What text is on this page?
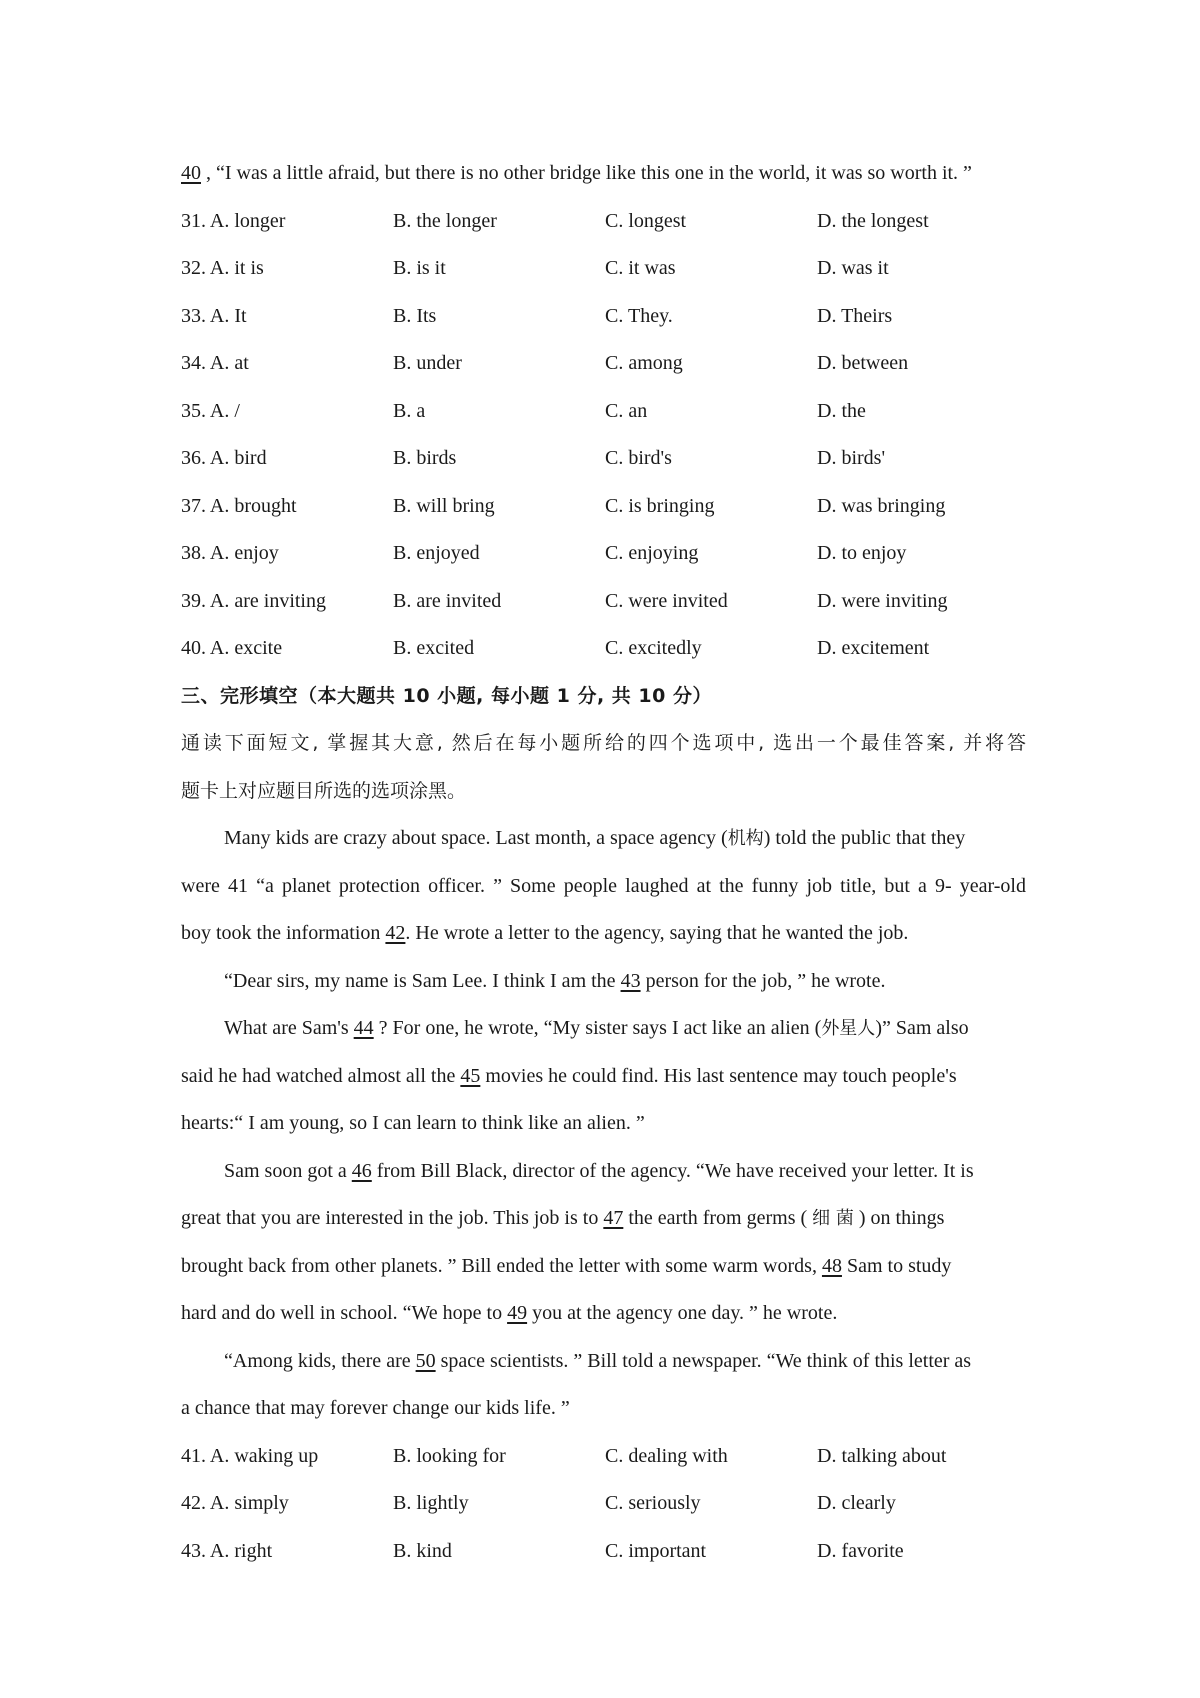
40 , “I was a little afraid, but there is no other bridge like this one in the world, it was so worth it. ”
31. A. longer	B. the longer	C. longest	D. the longest
32. A. it is	B. is it	C. it was	D. was it
33. A. It	B. Its	C. They.	D. Theirs
34. A. at	B. under	C. among	D. between
35. A. /	B. a	C. an	D. the
36. A. bird	B. birds	C. bird's	D. birds'
37. A. brought	B. will bring	C. is bringing	D. was bringing
38. A. enjoy	B. enjoyed	C. enjoying	D. to enjoy
39. A. are inviting	B. are invited	C. were invited	D. were inviting
40. A. excite	B. excited	C. excitedly	D. excitement
三、完形填空（本大题共 10 小题, 每小题 1 分, 共 10 分）
通读下面短文, 掌握其大意, 然后在每小题所给的四个选项中, 选出一个最佳答案, 并将答
题卡上对应题目所选的选项涂黑。
Many kids are crazy about space. Last month, a space agency (机构) told the public that they
were 41 “a planet protection officer. ” Some people laughed at the funny job title, but a 9- year-old
boy took the information 42. He wrote a letter to the agency, saying that he wanted the job.
“Dear sirs, my name is Sam Lee. I think I am the 43 person for the job, ” he wrote.
What are Sam's 44 ? For one, he wrote, “My sister says I act like an alien (外星人)” Sam also
said he had watched almost all the 45 movies he could find. His last sentence may touch people's
hearts:“ I am young, so I can learn to think like an alien. ”
Sam soon got a 46 from Bill Black, director of the agency. “We have received your letter. It is
great that you are interested in the job. This job is to 47 the earth from germs ( 细 菌 ) on things
brought back from other planets. ” Bill ended the letter with some warm words, 48 Sam to study
hard and do well in school. “We hope to 49 you at the agency one day. ” he wrote.
“Among kids, there are 50 space scientists. ” Bill told a newspaper. “We think of this letter as
a chance that may forever change our kids life. ”
41. A. waking up	B. looking for	C. dealing with	D. talking about
42. A. simply	B. lightly	C. seriously	D. clearly
43. A. right	B. kind	C. important	D. favorite
